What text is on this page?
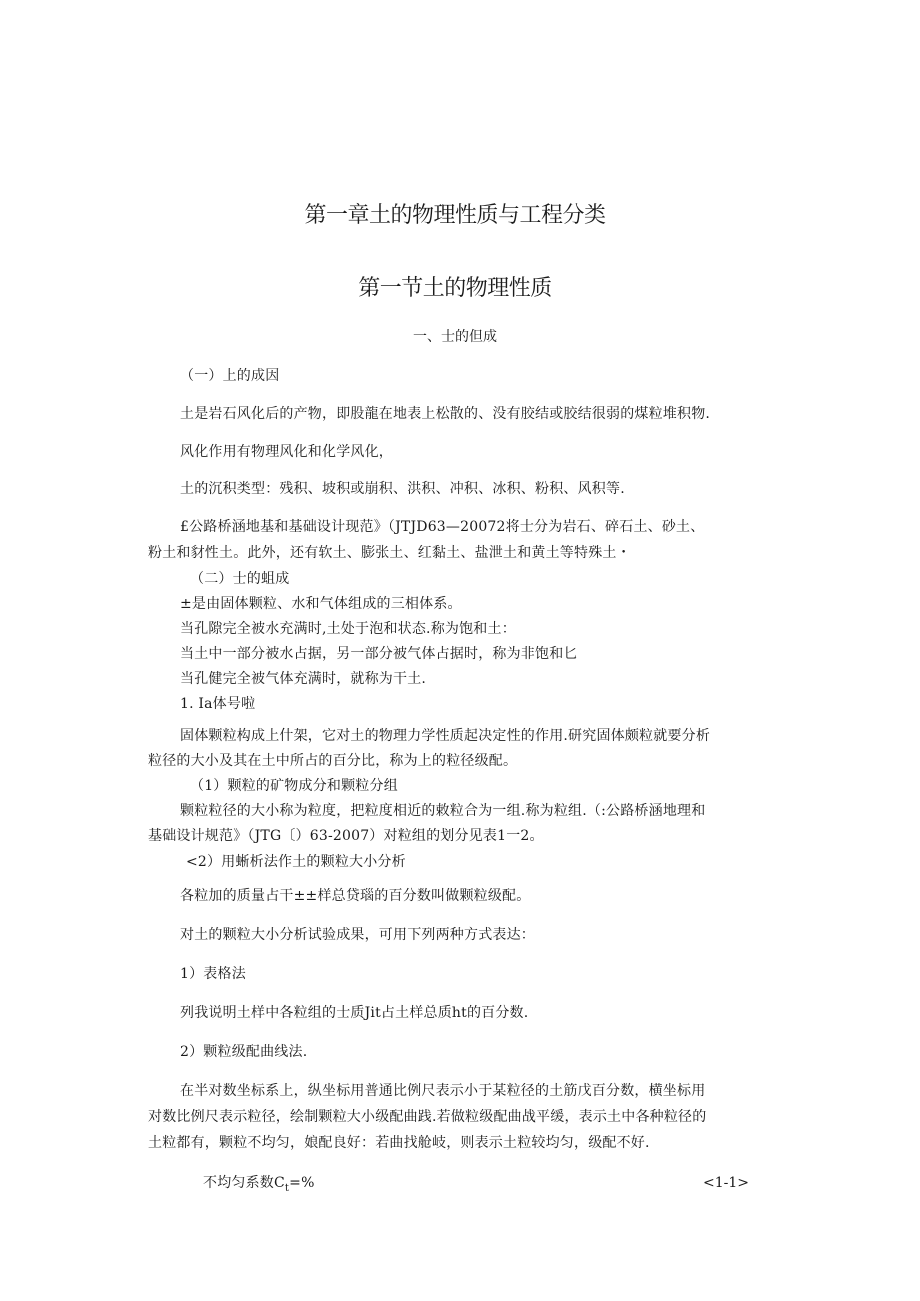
第一章土的物理性质与工程分类
第一节土的物理性质
一、士的但成
（一）上的成因
土是岩石风化后的产物，即股龍在地表上松散的、没有胶结或胶结很弱的煤粒堆积物.
风化作用有物理风化和化学风化，
土的沉积类型：残积、坡积或崩积、洪积、冲积、冰积、粉积、风积等.
£公路桥涵地基和基础设计现范》（JTJD63—20072将士分为岩石、碎石土、砂土、
粉土和豺性土。此外，还有软土、膨张土、红黏土、盐泄土和黄土等特殊土・
（二）士的蛆成
±是由固体颗粒、水和气体组成的三相体系。
当孔隙完全被水充满时,土处于泡和状态.称为饱和土：
当土中一部分被水占据，另一部分被气体占据时，称为非饱和匕
当孔健完全被气体充满时，就称为干土.
1. Ia体号啦
固体颗粒构成上什架，它对土的物理力学性质起决定性的作用.研究固体颇粒就要分析
粒径的大小及其在土中所占的百分比，称为上的粒径级配。
（1）颗粒的矿物成分和颗粒分组
颗粒粒径的大小称为粒度，把粒度相近的敕粒合为一组.称为粒组.（:公路桥涵地理和
基础设计规范》（JTG〔）63-2007）对粒组的划分见表1一2。
<2）用蜥析法作土的颗粒大小分析
各粒加的质量占干±±样总贷瑙的百分数叫做颗粒级配。
对土的颗粒大小分析试验成果，可用下列两种方式表达：
1）表格法
列我说明土样中各粒组的士质Jit占土样总质ht的百分数.
2）颗粒级配曲线法.
在半对数坐标系上，纵坐标用普通比例尺表示小于某粒径的土筋戊百分数，横坐标用
对数比例尺表示粒径，绘制颗粒大小级配曲践.若做粒级配曲战平缓，表示土中各种粒径的
土粒都有，颗粒不均匀，娘配良好：若曲找舱岐，则表示土粒较均匀，级配不好.
不均匀系数$C_t=\%$	<1-1>
